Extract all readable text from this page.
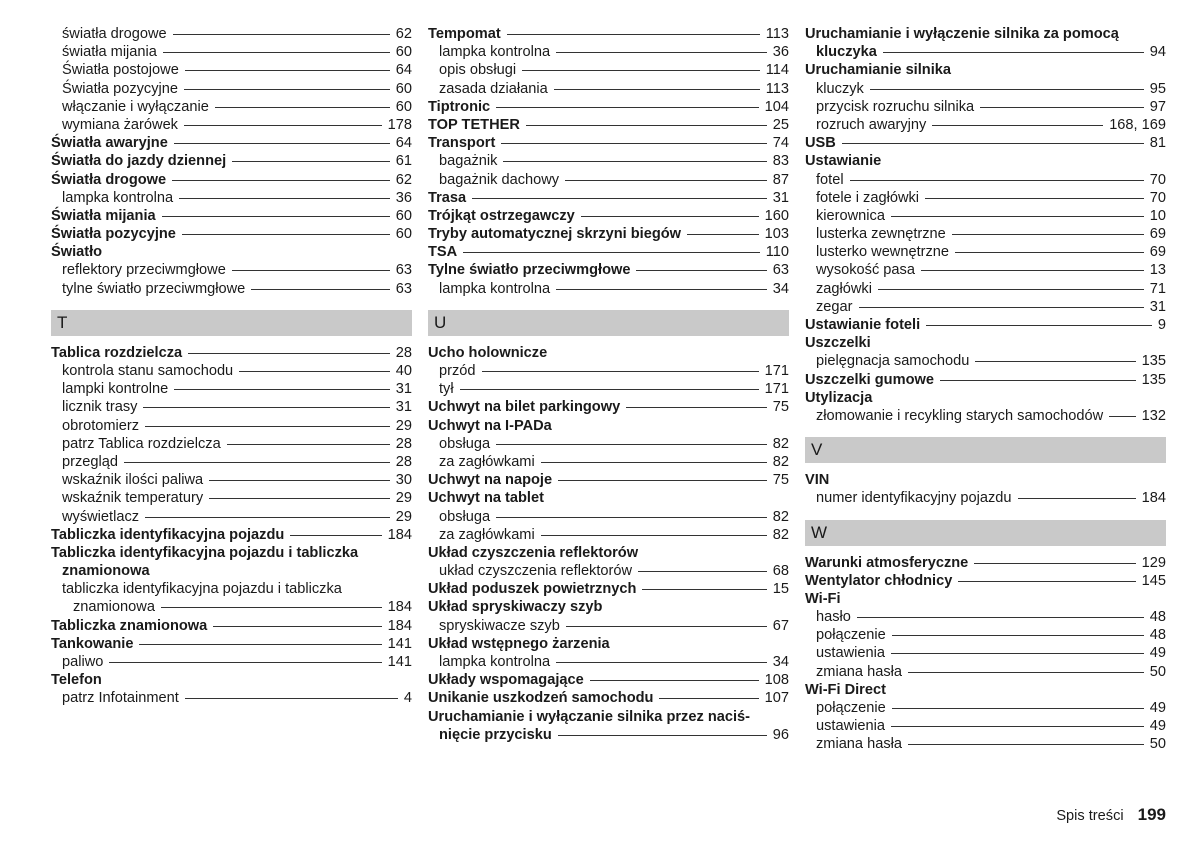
światła drogowe	62
światła mijania	60
Światła postojowe	64
Światła pozycyjne	60
włączanie i wyłączanie	60
wymiana żarówek	178
Światła awaryjne	64
Światła do jazdy dziennej	61
Światła drogowe	62
lampka kontrolna	36
Światła mijania	60
Światła pozycyjne	60
Światło
reflektory przeciwmgłowe	63
tylne światło przeciwmgłowe	63
T
Tablica rozdzielcza	28
kontrola stanu samochodu	40
lampki kontrolne	31
licznik trasy	31
obrotomierz	29
patrz Tablica rozdzielcza	28
przegląd	28
wskaźnik ilości paliwa	30
wskaźnik temperatury	29
wyświetlacz	29
Tabliczka identyfikacyjna pojazdu	184
Tabliczka identyfikacyjna pojazdu i tabliczka
znamionowa
tabliczka identyfikacyjna pojazdu i tabliczka
znamionowa	184
Tabliczka znamionowa	184
Tankowanie	141
paliwo	141
Telefon
patrz Infotainment	4
Tempomat	113
lampka kontrolna	36
opis obsługi	114
zasada działania	113
Tiptronic	104
TOP TETHER	25
Transport	74
bagażnik	83
bagażnik dachowy	87
Trasa	31
Trójkąt ostrzegawczy	160
Tryby automatycznej skrzyni biegów	103
TSA	110
Tylne światło przeciwmgłowe	63
lampka kontrolna	34
U
Ucho holownicze
przód	171
tył	171
Uchwyt na bilet parkingowy	75
Uchwyt na I-PADa
obsługa	82
za zagłówkami	82
Uchwyt na napoje	75
Uchwyt na tablet
obsługa	82
za zagłówkami	82
Układ czyszczenia reflektorów
układ czyszczenia reflektorów	68
Układ poduszek powietrznych	15
Układ spryskiwaczy szyb
spryskiwacze szyb	67
Układ wstępnego żarzenia
lampka kontrolna	34
Układy wspomagające	108
Unikanie uszkodzeń samochodu	107
Uruchamianie i wyłączanie silnika przez naciś-
nięcie przycisku	96
Uruchamianie i wyłączenie silnika za pomocą
kluczyka	94
Uruchamianie silnika
kluczyk	95
przycisk rozruchu silnika	97
rozruch awaryjny	168, 169
USB	81
Ustawianie
fotel	70
fotele i zagłówki	70
kierownica	10
lusterka zewnętrzne	69
lusterko wewnętrzne	69
wysokość pasa	13
zagłówki	71
zegar	31
Ustawianie foteli	9
Uszczelki
pielęgnacja samochodu	135
Uszczelki gumowe	135
Utylizacja
złomowanie i recykling starych samochodów	132
V
VIN
numer identyfikacyjny pojazdu	184
W
Warunki atmosferyczne	129
Wentylator chłodnicy	145
Wi-Fi
hasło	48
połączenie	48
ustawienia	49
zmiana hasła	50
Wi-Fi Direct
połączenie	49
ustawienia	49
zmiana hasła	50
Spis treści 199
